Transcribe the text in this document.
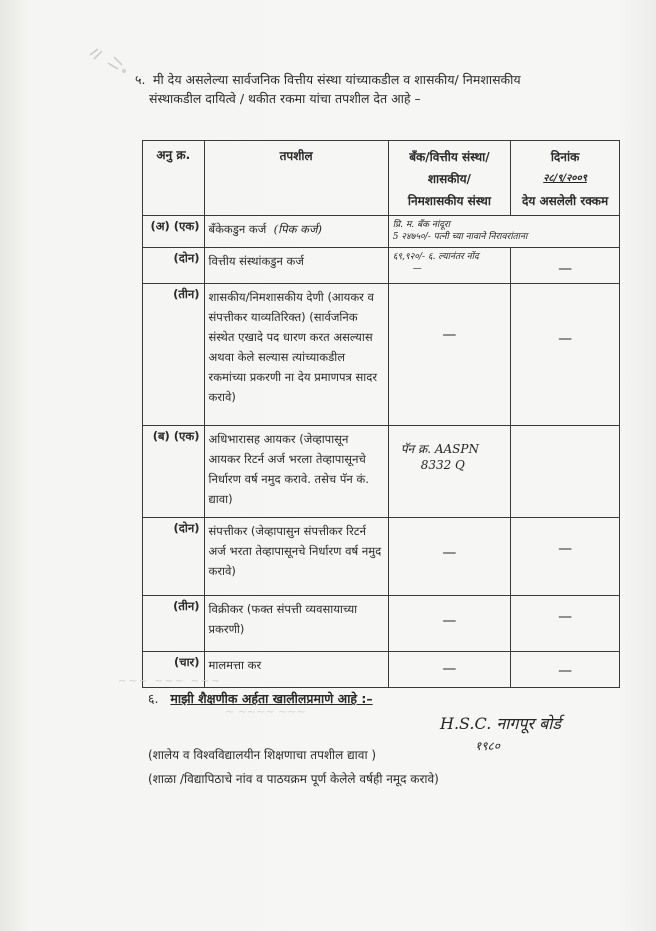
५. मी देय असलेल्या सार्वजनिक वित्तीय संस्था यांच्याकडील व शासकीय/ निमशासकीय
संस्थाकडील दायित्वे / थकीत रकमा यांचा तपशील देत आहे –
अनु क्र.	तपशील	बँक/वित्तीय संस्था/
शासकीय/
निमशासकीय संस्था	दिनांक
२८/९/२००९
देय असलेली रक्कम

(अ) (एक)	बँकेकडुन कर्ज (पिक कर्ज)	प्रि. म. बँक नांदूरा
5 २४७५०/- पत्नी च्या नावाने निरावरांताना	

(दोन)	वित्तीय संस्थांकडुन कर्ज	६९,९२०/- ६. ल्यानंतर नोंद
—	—

(तीन)	शासकीय/निमशासकीय देणी (आयकर व संपत्तीकर याव्यतिरिक्त) (सार्वजनिक संस्थेत एखादे पद धारण करत असल्यास अथवा केले सल्यास त्यांच्याकडील रकमांच्या प्रकरणी ना देय प्रमाणपत्र सादर करावे)	—	—

(ब) (एक)	अधिभारासह आयकर (जेव्हापासून आयकर रिटर्न अर्ज भरला तेव्हापासूनचे निर्धारण वर्ष नमुद करावे. तसेच पॅन कं. द्यावा)	पॅन क्र. AASPN
8332 Q	

(दोन)	संपत्तीकर (जेव्हापासुन संपत्तीकर रिटर्न अर्ज भरता तेव्हापासूनचे निर्धारण वर्ष नमुद करावे)	—	—

(तीन)	विक्रीकर (फक्त संपत्ती व्यवसायाच्या प्रकरणी)	—	—

(चार)	मालमत्ता कर	—	—
~~~ ~~~ ~~~
~ ~~~~ ~~~
६. माझी शैक्षणीक अर्हता खालीलप्रमाणे आहे :–
H.S.C. नागपूर बोर्ड
१९८०
(शालेय व विश्वविद्यालयीन शिक्षणाचा तपशील द्यावा )
(शाळा /विद्यापिठाचे नांव व पाठयक्रम पूर्ण केलेले वर्षही नमूद करावे)
